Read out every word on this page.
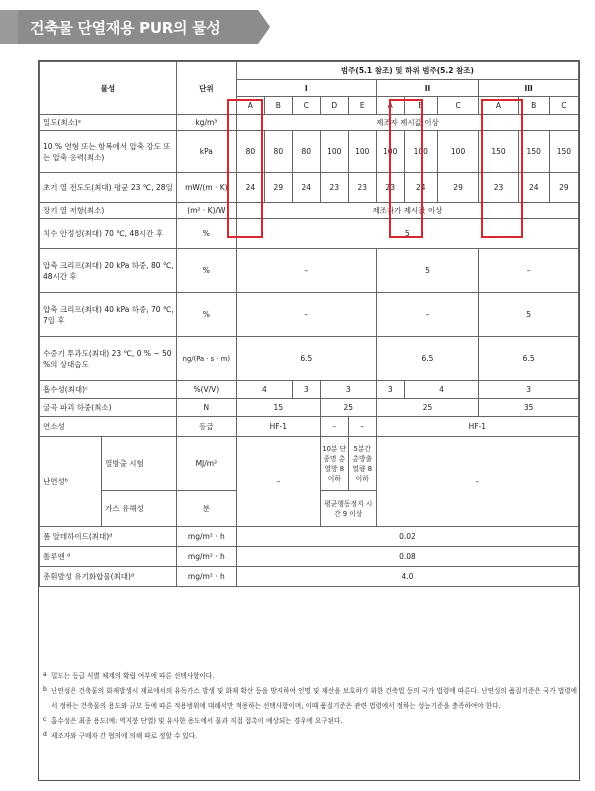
건축물 단열재용 PUR의 물성
물성		단위	범주(5.1 참조) 및 하위 범주(5.2 참조)										
			I					II			III		
			A	B	C	D	E	A	B	C	A	B	C
밀도(최소)ᵃ		kg/m³	제조자 제시값 이상										
10 % 연형 또는 항복에서 압축 강도 또는 압축 응력(최소)		kPa	80	80	80	100	100	100	100	100	150	150	150
초기 열 전도도(최대) 평균 23 ℃, 28일		mW/(m · K)	24	29	24	23	23	23	24	29	23	24	29
장기 열 저항(최소)		(m² · K)/W	제조자가 제시값 이상										
치수 안정성(최대) 70 ℃, 48시간 후		%	5										
압축 크리프(최대) 20 kPa 하중, 80 ℃, 48시간 후		%	–					5			–		
압축 크리프(최대) 40 kPa 하중, 70 ℃, 7일 후		%	–					–			5		
수증기 투과도(최대) 23 ℃, 0 % ~ 50 %의 상대습도		ng/(Pa · s · m)	6.5					6.5			6.5		
흡수성(최대)ᶜ		%(V/V)	4		3	3		3	4		3		
굴곡 파괴 하중(최소)		N	15			25		25			35		
연소성		등급	HF-1			–	–	HF-1					
난연성ᵇ	열방출 시험	MJ/m²	–			10분 단종명 총열방 8이하	5분간 총방출 열량 8 이하	–					
	가스 유해성	분				평균행동정지 시간 9 이상							
폼 알데하이드(최대)ᵈ		mg/m² · h	0.02										
톨루엔 ᵈ		mg/m² · h	0.08										
총휘발성 유기화합물(최대)ᵈ		mg/m² · h	4.0										
a 밀도는 등급 식별 체계의 확립 여부에 따른 선택사항이다.
b 난연성은 건축물의 화재발생시 재료에서의 유독가스 발생 및 화재 확산 등을 방지하여 인명 및 재산을 보호하기 위한 건축법 등의 국가 법령에 따른다. 난연성의 품질기준은 국가 법령에서 정하는 건축물의 용도와 규모 등에 따른 적용범위에 대해서만 적용하는 선택사항이며, 이때 품질기준은 관련 법령에서 정하는 성능기준을 충족하여야 한다.
c 흡수성은 최종 용도(예: 역지붕 단열) 및 유사한 용도에서 물과 직접 접촉이 예상되는 경우에 요구된다.
d 제조자와 구매자 간 협의에 의해 따로 정할 수 있다.
